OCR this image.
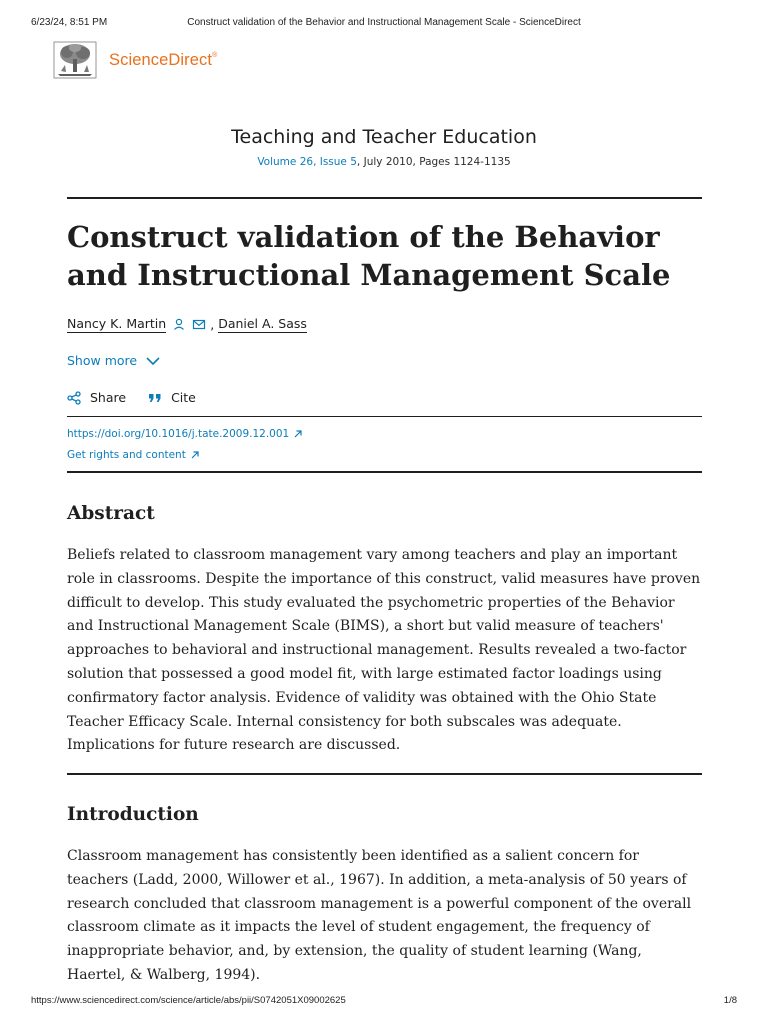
6/23/24, 8:51 PM	Construct validation of the Behavior and Instructional Management Scale - ScienceDirect
ScienceDirect®
Teaching and Teacher Education
Volume 26, Issue 5, July 2010, Pages 1124-1135
Construct validation of the Behavior and Instructional Management Scale
Nancy K. Martin	, Daniel A. Sass
Show more
Share	Cite
https://doi.org/10.1016/j.tate.2009.12.001
Get rights and content
Abstract

Beliefs related to classroom management vary among teachers and play an important role in classrooms. Despite the importance of this construct, valid measures have proven difficult to develop. This study evaluated the psychometric properties of the Behavior and Instructional Management Scale (BIMS), a short but valid measure of teachers' approaches to behavioral and instructional management. Results revealed a two-factor solution that possessed a good model fit, with large estimated factor loadings using confirmatory factor analysis. Evidence of validity was obtained with the Ohio State Teacher Efficacy Scale. Internal consistency for both subscales was adequate. Implications for future research are discussed.

Introduction

Classroom management has consistently been identified as a salient concern for teachers (Ladd, 2000, Willower et al., 1967). In addition, a meta-analysis of 50 years of research concluded that classroom management is a powerful component of the overall classroom climate as it impacts the level of student engagement, the frequency of inappropriate behavior, and, by extension, the quality of student learning (Wang, Haertel, & Walberg, 1994).

https://www.sciencedirect.com/science/article/abs/pii/S0742051X09002625	1/8
